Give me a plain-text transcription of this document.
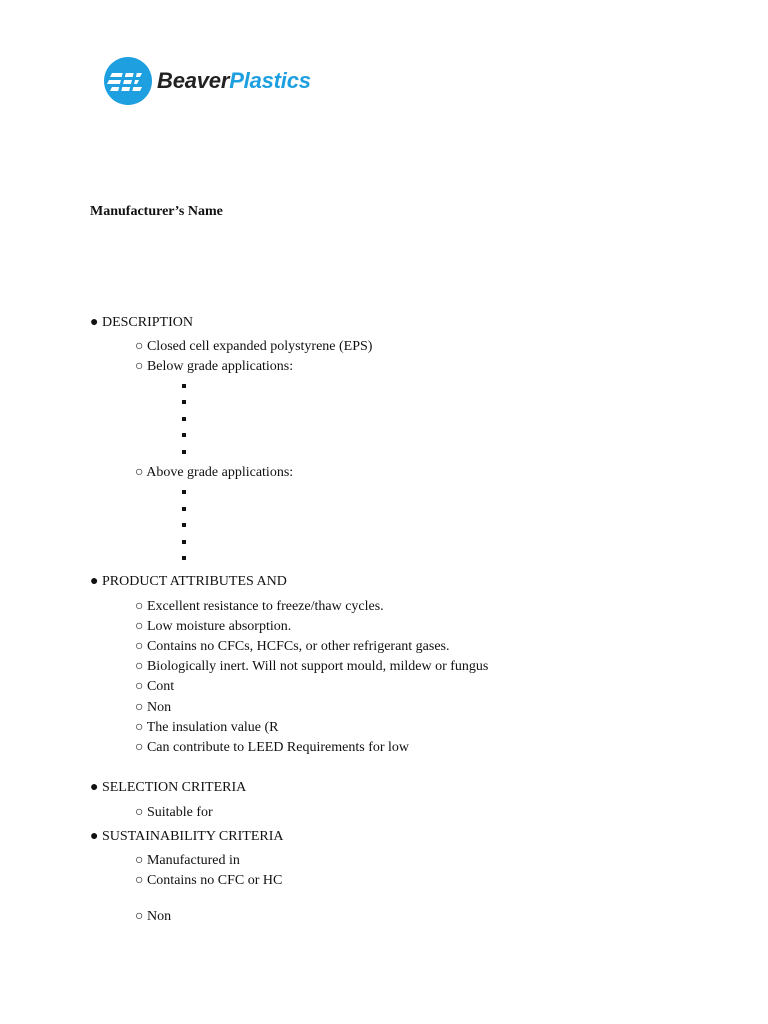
BeaverPlastics
Manufacturer’s Name
● DESCRIPTION
○ Closed cell expanded polystyrene (EPS)
○ Below grade applications:
○ Above grade applications:
● PRODUCT ATTRIBUTES AND
○ Excellent resistance to freeze/thaw cycles.
○ Low moisture absorption.
○ Contains no CFCs, HCFCs, or other refrigerant gases.
○ Biologically inert. Will not support mould, mildew or fungus
○ Cont
○ Non
○ The insulation value (R
○ Can contribute to LEED Requirements for low
● SELECTION CRITERIA
○ Suitable for
● SUSTAINABILITY CRITERIA
○ Manufactured in
○ Contains no CFC or HC
○ Non
